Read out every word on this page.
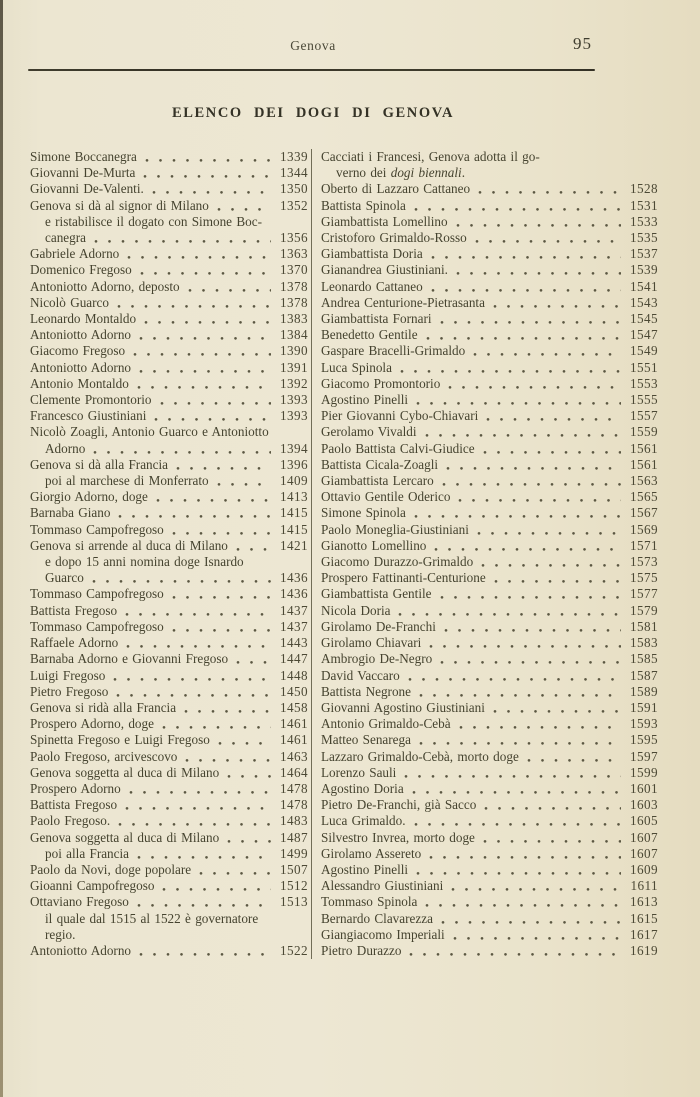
Genova	95
ELENCO DEI DOGI DI GENOVA
Simone Boccanegra	1339
Giovanni De-Murta	1344
Giovanni De-Valenti.	1350
Genova si dà al signor di Milano	1352
e ristabilisce il dogato con Simone Boc-
canegra	1356
Gabriele Adorno	1363
Domenico Fregoso	1370
Antoniotto Adorno, deposto	1378
Nicolò Guarco	1378
Leonardo Montaldo	1383
Antoniotto Adorno	1384
Giacomo Fregoso	1390
Antoniotto Adorno	1391
Antonio Montaldo	1392
Clemente Promontorio	1393
Francesco Giustiniani	1393
Nicolò Zoagli, Antonio Guarco e Antoniotto
Adorno	1394
Genova si dà alla Francia	1396
poi al marchese di Monferrato	1409
Giorgio Adorno, doge	1413
Barnaba Giano	1415
Tommaso Campofregoso	1415
Genova si arrende al duca di Milano	1421
e dopo 15 anni nomina doge Isnardo
Guarco	1436
Tommaso Campofregoso	1436
Battista Fregoso	1437
Tommaso Campofregoso	1437
Raffaele Adorno	1443
Barnaba Adorno e Giovanni Fregoso	1447
Luigi Fregoso	1448
Pietro Fregoso	1450
Genova si ridà alla Francia	1458
Prospero Adorno, doge	1461
Spinetta Fregoso e Luigi Fregoso	1461
Paolo Fregoso, arcivescovo	1463
Genova soggetta al duca di Milano	1464
Prospero Adorno	1478
Battista Fregoso	1478
Paolo Fregoso.	1483
Genova soggetta al duca di Milano	1487
poi alla Francia	1499
Paolo da Novi, doge popolare	1507
Gioanni Campofregoso	1512
Ottaviano Fregoso	1513
il quale dal 1515 al 1522 è governatore
regio.
Antoniotto Adorno	1522
Cacciati i Francesi, Genova adotta il go-
verno dei dogi biennali.
Oberto di Lazzaro Cattaneo	1528
Battista Spinola	1531
Giambattista Lomellino	1533
Cristoforo Grimaldo-Rosso	1535
Giambattista Doria	1537
Gianandrea Giustiniani.	1539
Leonardo Cattaneo	1541
Andrea Centurione-Pietrasanta	1543
Giambattista Fornari	1545
Benedetto Gentile	1547
Gaspare Bracelli-Grimaldo	1549
Luca Spinola	1551
Giacomo Promontorio	1553
Agostino Pinelli	1555
Pier Giovanni Cybo-Chiavari	1557
Gerolamo Vivaldi	1559
Paolo Battista Calvi-Giudice	1561
Battista Cicala-Zoagli	1561
Giambattista Lercaro	1563
Ottavio Gentile Oderico	1565
Simone Spinola	1567
Paolo Moneglia-Giustiniani	1569
Gianotto Lomellino	1571
Giacomo Durazzo-Grimaldo	1573
Prospero Fattinanti-Centurione	1575
Giambattista Gentile	1577
Nicola Doria	1579
Girolamo De-Franchi	1581
Girolamo Chiavari	1583
Ambrogio De-Negro	1585
David Vaccaro	1587
Battista Negrone	1589
Giovanni Agostino Giustiniani	1591
Antonio Grimaldo-Cebà	1593
Matteo Senarega	1595
Lazzaro Grimaldo-Cebà, morto doge	1597
Lorenzo Sauli	1599
Agostino Doria	1601
Pietro De-Franchi, già Sacco	1603
Luca Grimaldo.	1605
Silvestro Invrea, morto doge	1607
Girolamo Assereto	1607
Agostino Pinelli	1609
Alessandro Giustiniani	1611
Tommaso Spinola	1613
Bernardo Clavarezza	1615
Giangiacomo Imperiali	1617
Pietro Durazzo	1619
